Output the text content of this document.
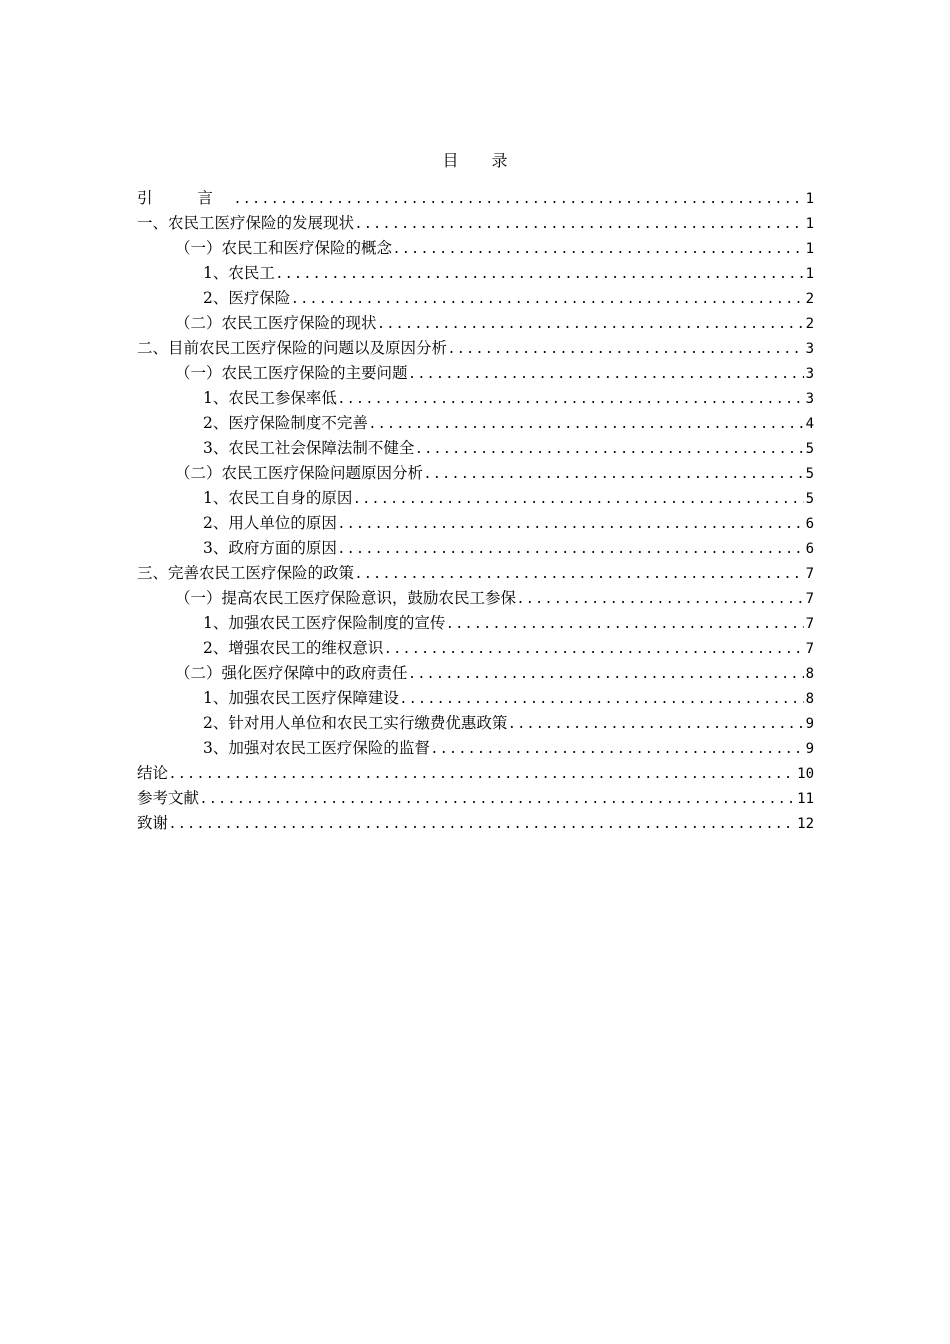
目 录
引 言 .....	1
一、农民工医疗保险的发展现状 .....	1
（一）农民工和医疗保险的概念 .....	1
1、农民工 .....	1
2、医疗保险 .....	2
（二）农民工医疗保险的现状 .....	2
二、目前农民工医疗保险的问题以及原因分析 .....	3
（一）农民工医疗保险的主要问题 .....	3
1、农民工参保率低 .....	3
2、医疗保险制度不完善 .....	4
3、农民工社会保障法制不健全 .....	5
（二）农民工医疗保险问题原因分析 .....	5
1、农民工自身的原因 .....	5
2、用人单位的原因 .....	6
3、政府方面的原因 .....	6
三、完善农民工医疗保险的政策 .....	7
（一）提高农民工医疗保险意识，鼓励农民工参保 .....	7
1、加强农民工医疗保险制度的宣传 .....	7
2、增强农民工的维权意识 .....	7
（二）强化医疗保障中的政府责任 .....	8
1、加强农民工医疗保障建设 .....	8
2、针对用人单位和农民工实行缴费优惠政策 .....	9
3、加强对农民工医疗保险的监督 .....	9
结论 .....	10
参考文献 .....	11
致谢 .....	12
